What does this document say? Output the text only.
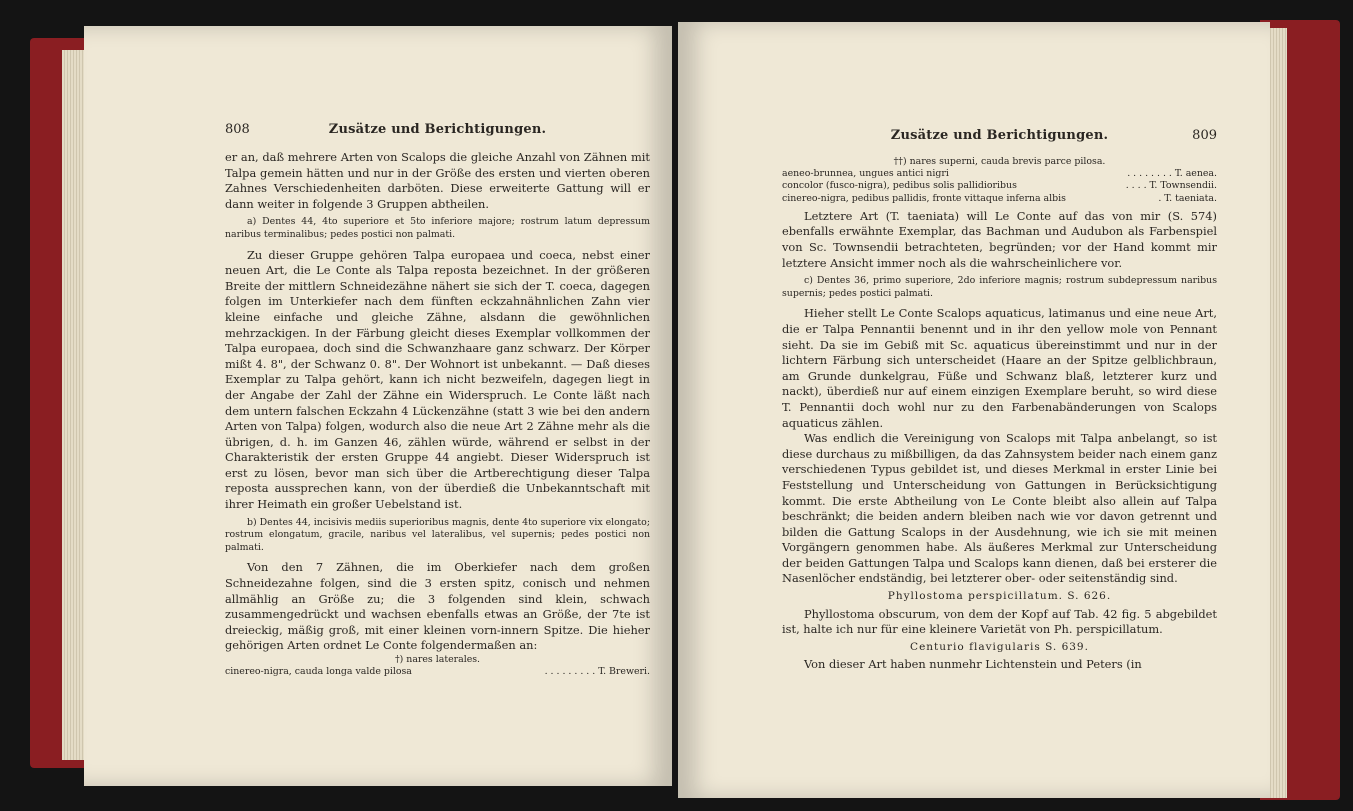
808	Zusätze und Berichtigungen.

er an, daß mehrere Arten von Scalops die gleiche Anzahl von Zähnen mit Talpa gemein hätten und nur in der Größe des ersten und vierten oberen Zahnes Verschiedenheiten darböten. Diese erweiterte Gattung will er dann weiter in folgende 3 Gruppen abtheilen.

a) Dentes 44, 4to superiore et 5to inferiore majore; rostrum latum depressum naribus terminalibus; pedes postici non palmati.

Zu dieser Gruppe gehören Talpa europaea und coeca, nebst einer neuen Art, die Le Conte als Talpa reposta bezeichnet. In der größeren Breite der mittlern Schneidezähne nähert sie sich der T. coeca, dagegen folgen im Unterkiefer nach dem fünften eckzahnähnlichen Zahn vier kleine einfache und gleiche Zähne, alsdann die gewöhnlichen mehrzackigen. In der Färbung gleicht dieses Exemplar vollkommen der Talpa europaea, doch sind die Schwanzhaare ganz schwarz. Der Körper mißt 4. 8", der Schwanz 0. 8". Der Wohnort ist unbekannt. — Daß dieses Exemplar zu Talpa gehört, kann ich nicht bezweifeln, dagegen liegt in der Angabe der Zahl der Zähne ein Widerspruch. Le Conte läßt nach dem untern falschen Eckzahn 4 Lückenzähne (statt 3 wie bei den andern Arten von Talpa) folgen, wodurch also die neue Art 2 Zähne mehr als die übrigen, d. h. im Ganzen 46, zählen würde, während er selbst in der Charakteristik der ersten Gruppe 44 angiebt. Dieser Widerspruch ist erst zu lösen, bevor man sich über die Artberechtigung dieser Talpa reposta aussprechen kann, von der überdieß die Unbekanntschaft mit ihrer Heimath ein großer Uebelstand ist.

b) Dentes 44, incisivis mediis superioribus magnis, dente 4to superiore vix elongato; rostrum elongatum, gracile, naribus vel lateralibus, vel supernis; pedes postici non palmati.

Von den 7 Zähnen, die im Oberkiefer nach dem großen Schneidezahne folgen, sind die 3 ersten spitz, conisch und nehmen allmählig an Größe zu; die 3 folgenden sind klein, schwach zusammengedrückt und wachsen ebenfalls etwas an Größe, der 7te ist dreieckig, mäßig groß, mit einer kleinen vorn-innern Spitze. Die hieher gehörigen Arten ordnet Le Conte folgendermaßen an:

†) nares laterales.
cinereo-nigra, cauda longa valde pilosa	. . . . . . . . . T. Breweri.
Zusätze und Berichtigungen.	809
††) nares superni, cauda brevis parce pilosa.
aeneo-brunnea, ungues antici nigri	. . . . . . . . T. aenea.
concolor (fusco-nigra), pedibus solis pallidioribus	. . . . T. Townsendii.
cinereo-nigra, pedibus pallidis, fronte vittaque inferna albis	. T. taeniata.

Letztere Art (T. taeniata) will Le Conte auf das von mir (S. 574) ebenfalls erwähnte Exemplar, das Bachman und Audubon als Farbenspiel von Sc. Townsendii betrachteten, begründen; vor der Hand kommt mir letztere Ansicht immer noch als die wahrscheinlichere vor.

c) Dentes 36, primo superiore, 2do inferiore magnis; rostrum subdepressum naribus supernis; pedes postici palmati.

Hieher stellt Le Conte Scalops aquaticus, latimanus und eine neue Art, die er Talpa Pennantii benennt und in ihr den yellow mole von Pennant sieht. Da sie im Gebiß mit Sc. aquaticus übereinstimmt und nur in der lichtern Färbung sich unterscheidet (Haare an der Spitze gelblichbraun, am Grunde dunkelgrau, Füße und Schwanz blaß, letzterer kurz und nackt), überdieß nur auf einem einzigen Exemplare beruht, so wird diese T. Pennantii doch wohl nur zu den Farbenabänderungen von Scalops aquaticus zählen.

Was endlich die Vereinigung von Scalops mit Talpa anbelangt, so ist diese durchaus zu mißbilligen, da das Zahnsystem beider nach einem ganz verschiedenen Typus gebildet ist, und dieses Merkmal in erster Linie bei Feststellung und Unterscheidung von Gattungen in Berücksichtigung kommt. Die erste Abtheilung von Le Conte bleibt also allein auf Talpa beschränkt; die beiden andern bleiben nach wie vor davon getrennt und bilden die Gattung Scalops in der Ausdehnung, wie ich sie mit meinen Vorgängern genommen habe. Als äußeres Merkmal zur Unterscheidung der beiden Gattungen Talpa und Scalops kann dienen, daß bei ersterer die Nasenlöcher endständig, bei letzterer ober- oder seitenständig sind.

Phyllostoma perspicillatum. S. 626.

Phyllostoma obscurum, von dem der Kopf auf Tab. 42 fig. 5 abgebildet ist, halte ich nur für eine kleinere Varietät von Ph. perspicillatum.

Centurio flavigularis S. 639.

Von dieser Art haben nunmehr Lichtenstein und Peters (in
